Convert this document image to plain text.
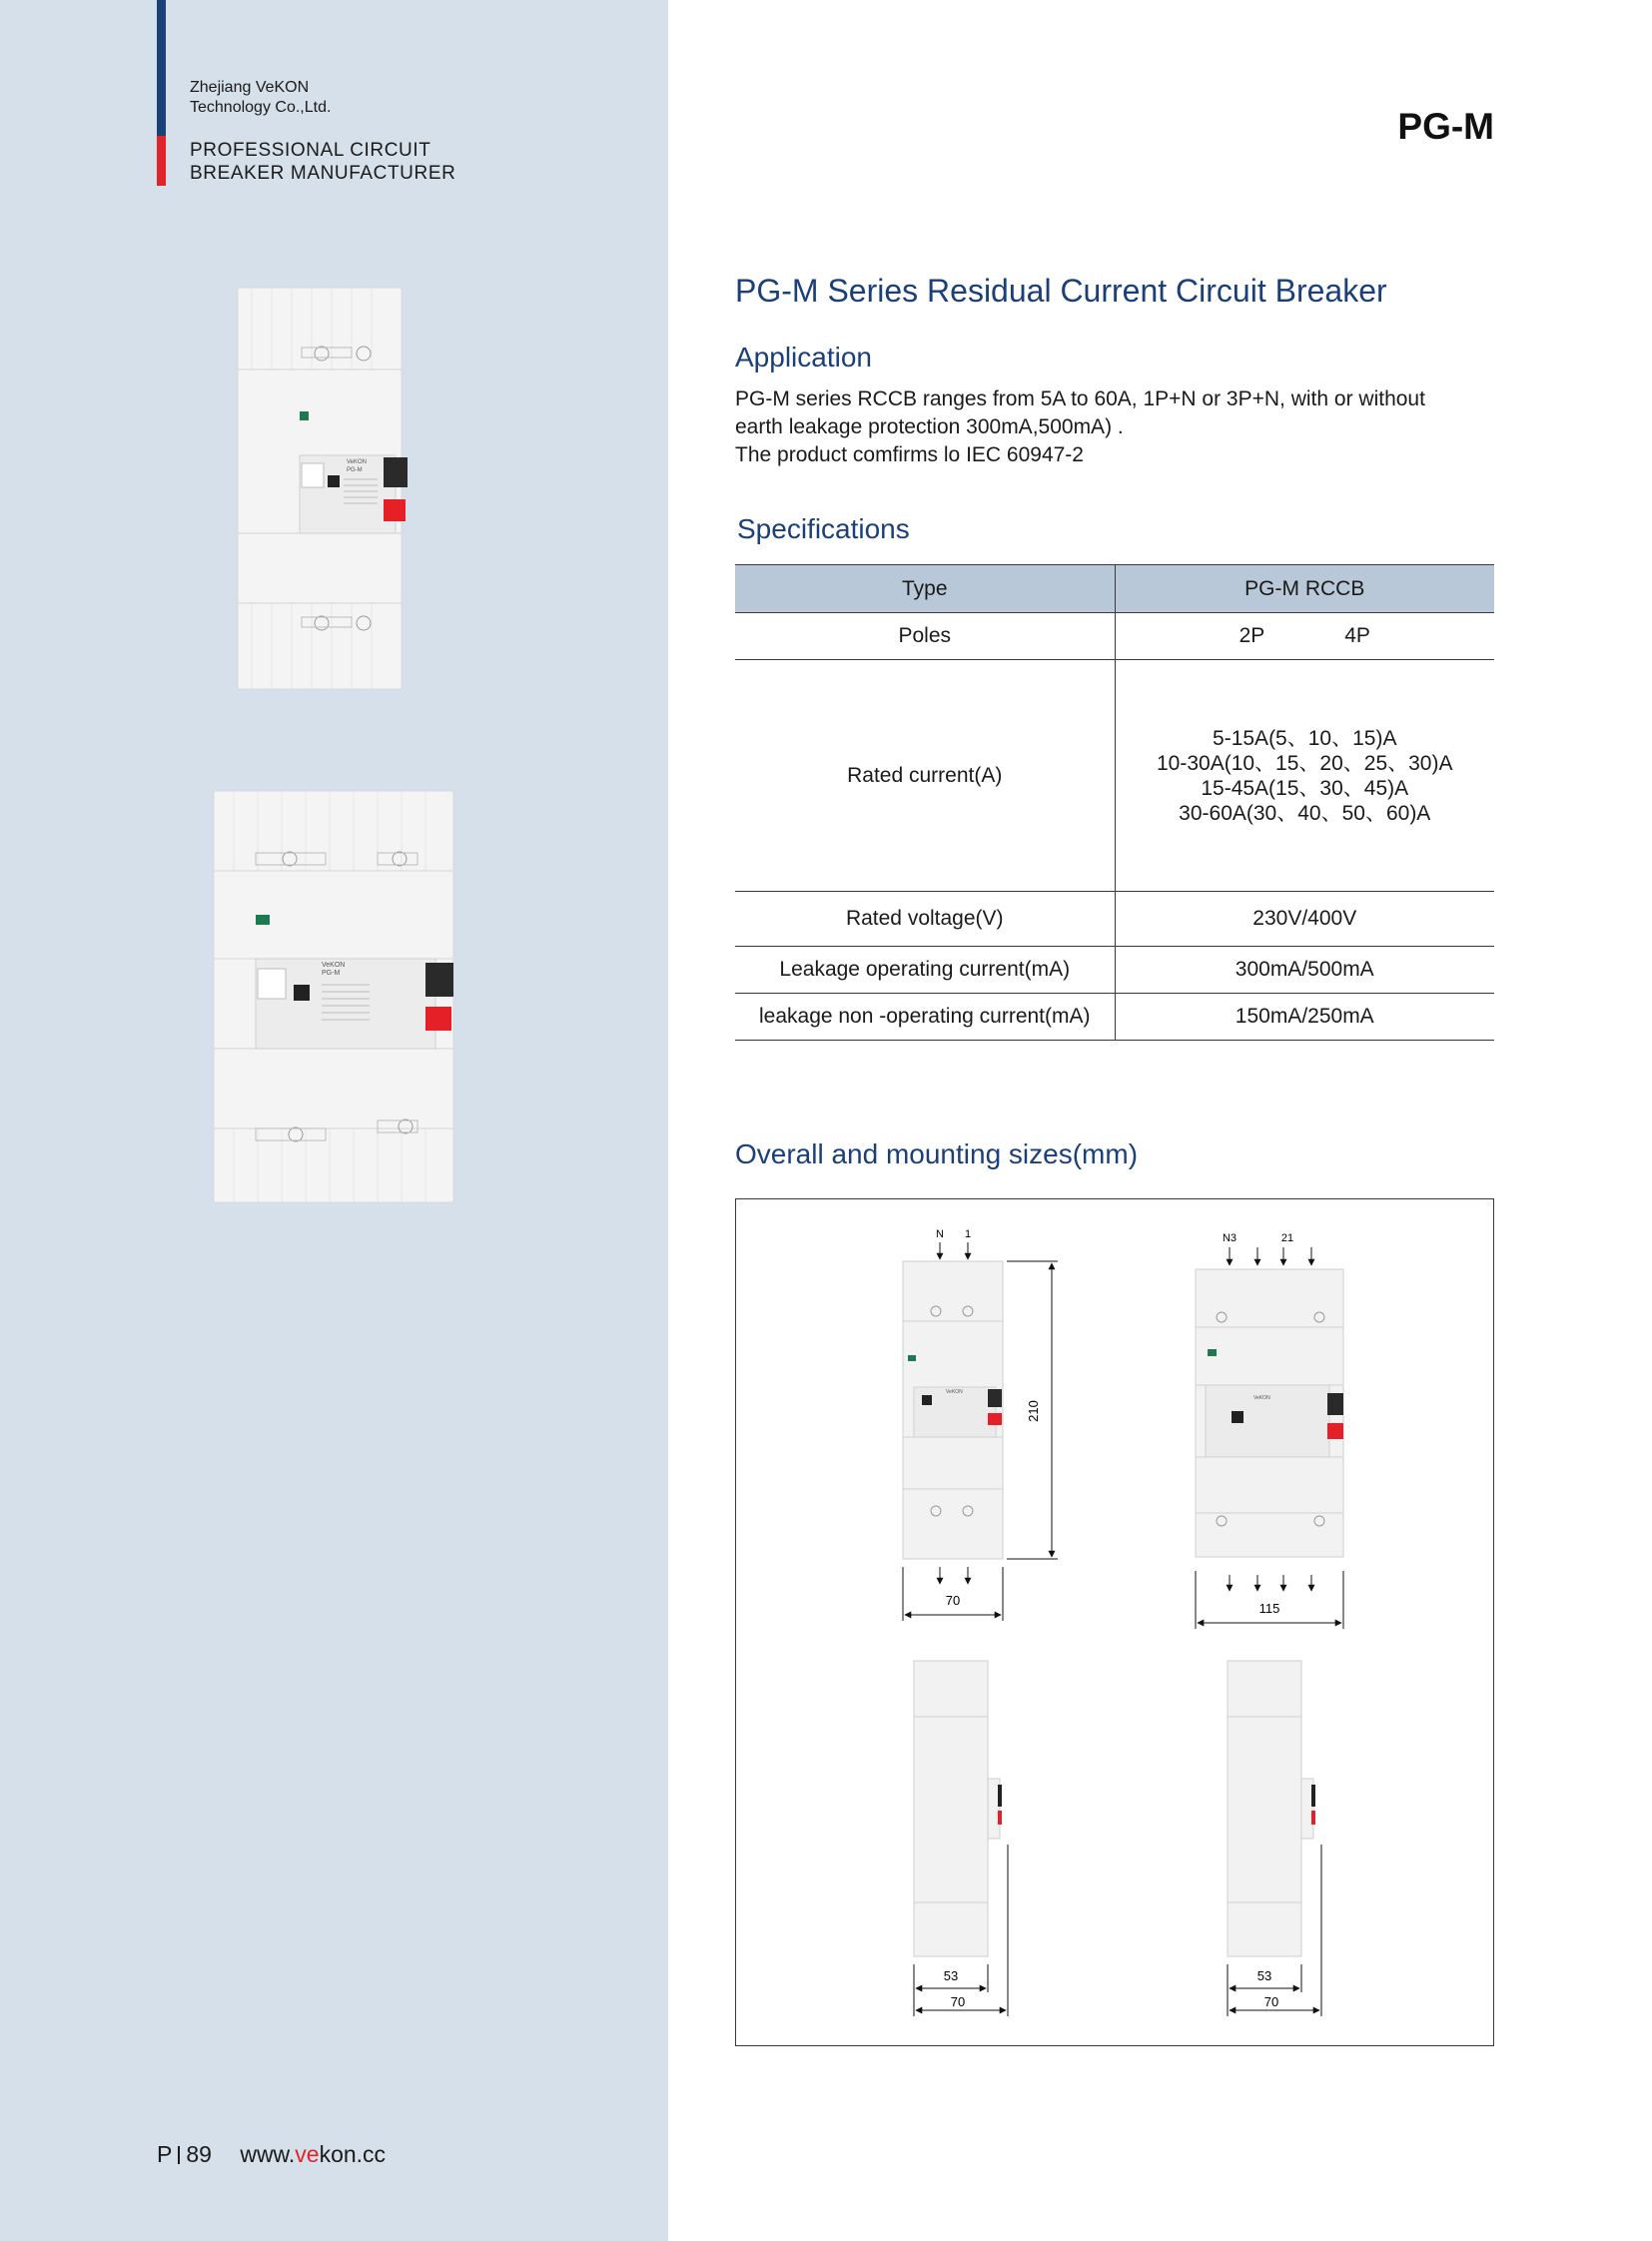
Zhejiang VeKON
Technology Co.,Ltd.
PROFESSIONAL CIRCUIT
BREAKER MANUFACTURER
VeKON
PG-M
VeKON
PG-M
P 89 www.vekon.cc
PG-M
PG-M Series Residual Current Circuit Breaker
Application
PG-M series RCCB ranges from 5A to 60A, 1P+N or 3P+N, with or without
earth leakage protection 300mA,500mA) .
The product comfirms lo IEC 60947-2
Specifications
Type	PG-M RCCB
Poles	2P 4P
Rated current(A)	5-15A(5、10、15)A
10-30A(10、15、20、25、30)A
15-45A(15、30、45)A
30-60A(30、40、50、60)A

Rated voltage(V)	230V/400V
Leakage operating current(mA)	300mA/500mA
leakage non -operating current(mA)	150mA/250mA
Overall and mounting sizes(mm)
VeKON
N 1
210
70
VeKON
N3	21
115
53
70
53
70
